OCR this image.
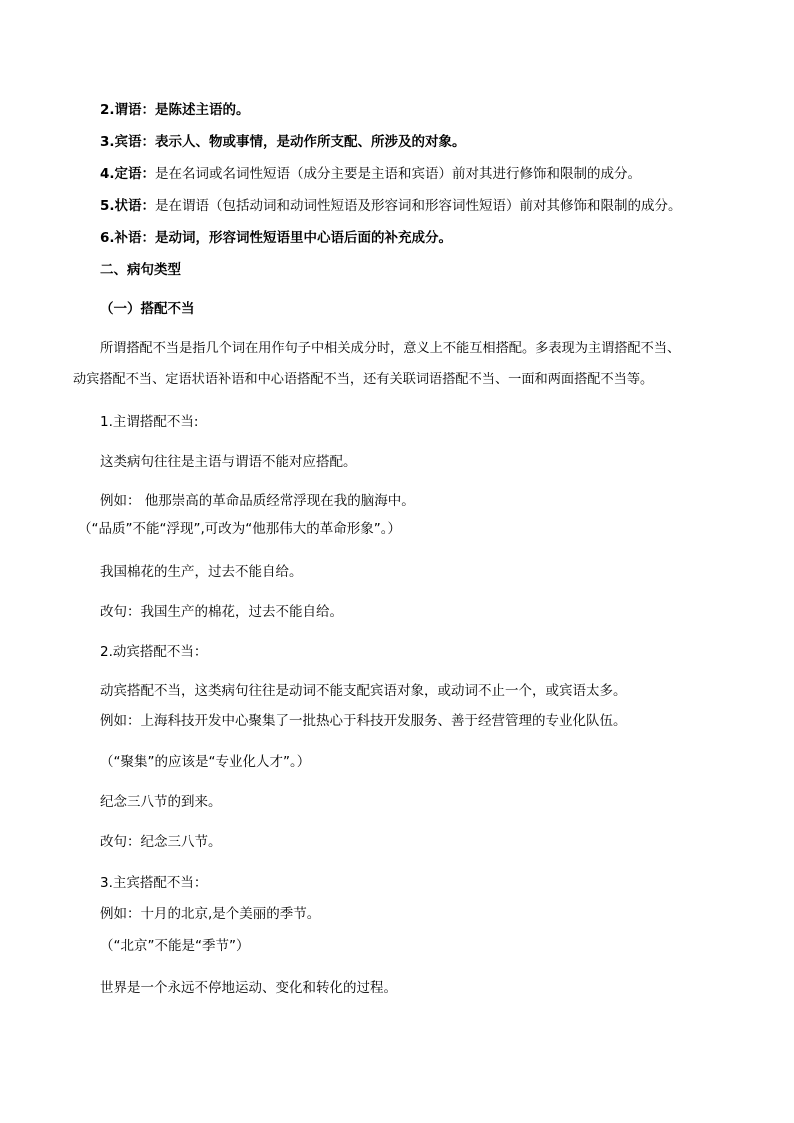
2.谓语：是陈述主语的。
3.宾语：表示人、物或事情，是动作所支配、所涉及的对象。
4.定语：是在名词或名词性短语（成分主要是主语和宾语）前对其进行修饰和限制的成分。
5.状语：是在谓语（包括动词和动词性短语及形容词和形容词性短语）前对其修饰和限制的成分。
6.补语：是动词，形容词性短语里中心语后面的补充成分。
二、病句类型
（一）搭配不当
所谓搭配不当是指几个词在用作句子中相关成分时，意义上不能互相搭配。多表现为主谓搭配不当、
动宾搭配不当、定语状语补语和中心语搭配不当，还有关联词语搭配不当、一面和两面搭配不当等。
1.主谓搭配不当:
这类病句往往是主语与谓语不能对应搭配。
例如： 他那崇高的革命品质经常浮现在我的脑海中。
（“品质”不能“浮现”,可改为“他那伟大的革命形象”。）
我国棉花的生产，过去不能自给。
改句：我国生产的棉花，过去不能自给。
2.动宾搭配不当：
动宾搭配不当，这类病句往往是动词不能支配宾语对象，或动词不止一个，或宾语太多。
例如：上海科技开发中心聚集了一批热心于科技开发服务、善于经营管理的专业化队伍。
（“聚集”的应该是“专业化人才”。）
纪念三八节的到来。
改句：纪念三八节。
3.主宾搭配不当：
例如：十月的北京,是个美丽的季节。
（“北京”不能是“季节”）
世界是一个永远不停地运动、变化和转化的过程。
